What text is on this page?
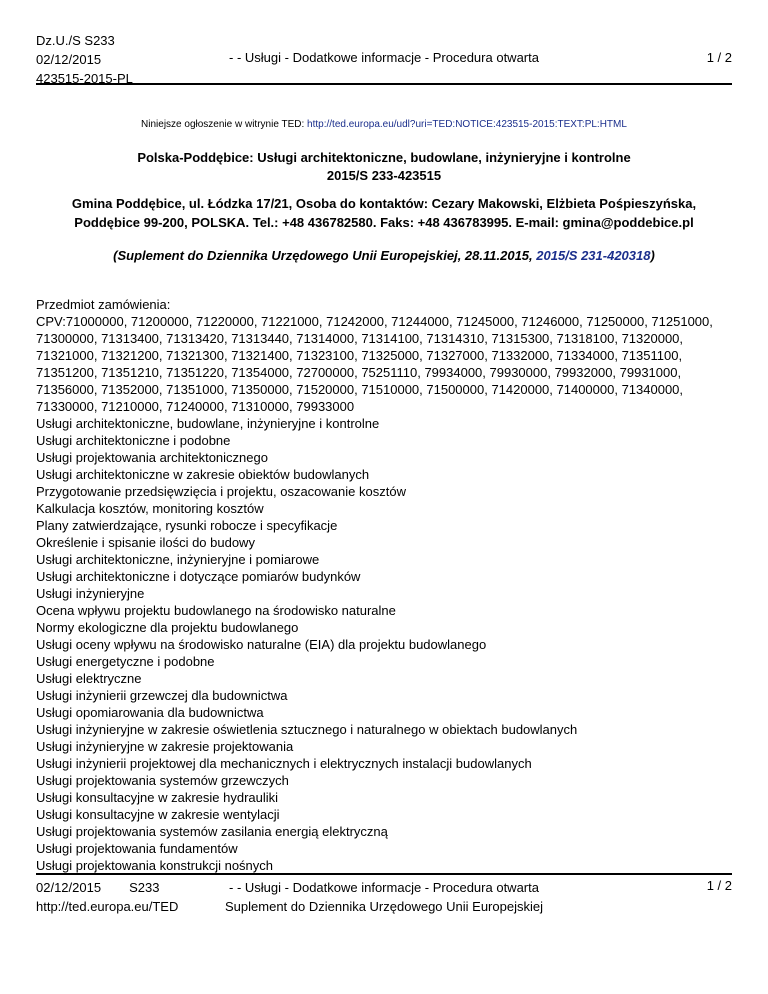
Dz.U./S S233
02/12/2015
423515-2015-PL
- - Usługi - Dodatkowe informacje - Procedura otwarta	1 / 2
Niniejsze ogłoszenie w witrynie TED: http://ted.europa.eu/udl?uri=TED:NOTICE:423515-2015:TEXT:PL:HTML
Polska-Poddębice: Usługi architektoniczne, budowlane, inżynieryjne i kontrolne
2015/S 233-423515
Gmina Poddębice, ul. Łódzka 17/21, Osoba do kontaktów: Cezary Makowski, Elżbieta Pośpieszyńska,
Poddębice 99-200, POLSKA. Tel.: +48 436782580. Faks: +48 436783995. E-mail: gmina@poddebice.pl
(Suplement do Dziennika Urzędowego Unii Europejskiej, 28.11.2015, 2015/S 231-420318)
Przedmiot zamówienia:
CPV:71000000, 71200000, 71220000, 71221000, 71242000, 71244000, 71245000, 71246000, 71250000, 71251000,
71300000, 71313400, 71313420, 71313440, 71314000, 71314100, 71314310, 71315300, 71318100, 71320000,
71321000, 71321200, 71321300, 71321400, 71323100, 71325000, 71327000, 71332000, 71334000, 71351100,
71351200, 71351210, 71351220, 71354000, 72700000, 75251110, 79934000, 79930000, 79932000, 79931000,
71356000, 71352000, 71351000, 71350000, 71520000, 71510000, 71500000, 71420000, 71400000, 71340000,
71330000, 71210000, 71240000, 71310000, 79933000
Usługi architektoniczne, budowlane, inżynieryjne i kontrolne
Usługi architektoniczne i podobne
Usługi projektowania architektonicznego
Usługi architektoniczne w zakresie obiektów budowlanych
Przygotowanie przedsięwzięcia i projektu, oszacowanie kosztów
Kalkulacja kosztów, monitoring kosztów
Plany zatwierdzające, rysunki robocze i specyfikacje
Określenie i spisanie ilości do budowy
Usługi architektoniczne, inżynieryjne i pomiarowe
Usługi architektoniczne i dotyczące pomiarów budynków
Usługi inżynieryjne
Ocena wpływu projektu budowlanego na środowisko naturalne
Normy ekologiczne dla projektu budowlanego
Usługi oceny wpływu na środowisko naturalne (EIA) dla projektu budowlanego
Usługi energetyczne i podobne
Usługi elektryczne
Usługi inżynierii grzewczej dla budownictwa
Usługi opomiarowania dla budownictwa
Usługi inżynieryjne w zakresie oświetlenia sztucznego i naturalnego w obiektach budowlanych
Usługi inżynieryjne w zakresie projektowania
Usługi inżynierii projektowej dla mechanicznych i elektrycznych instalacji budowlanych
Usługi projektowania systemów grzewczych
Usługi konsultacyjne w zakresie hydrauliki
Usługi konsultacyjne w zakresie wentylacji
Usługi projektowania systemów zasilania energią elektryczną
Usługi projektowania fundamentów
Usługi projektowania konstrukcji nośnych
02/12/2015 S233
http://ted.europa.eu/TED
- - Usługi - Dodatkowe informacje - Procedura otwarta
Suplement do Dziennika Urzędowego Unii Europejskiej
1 / 2
